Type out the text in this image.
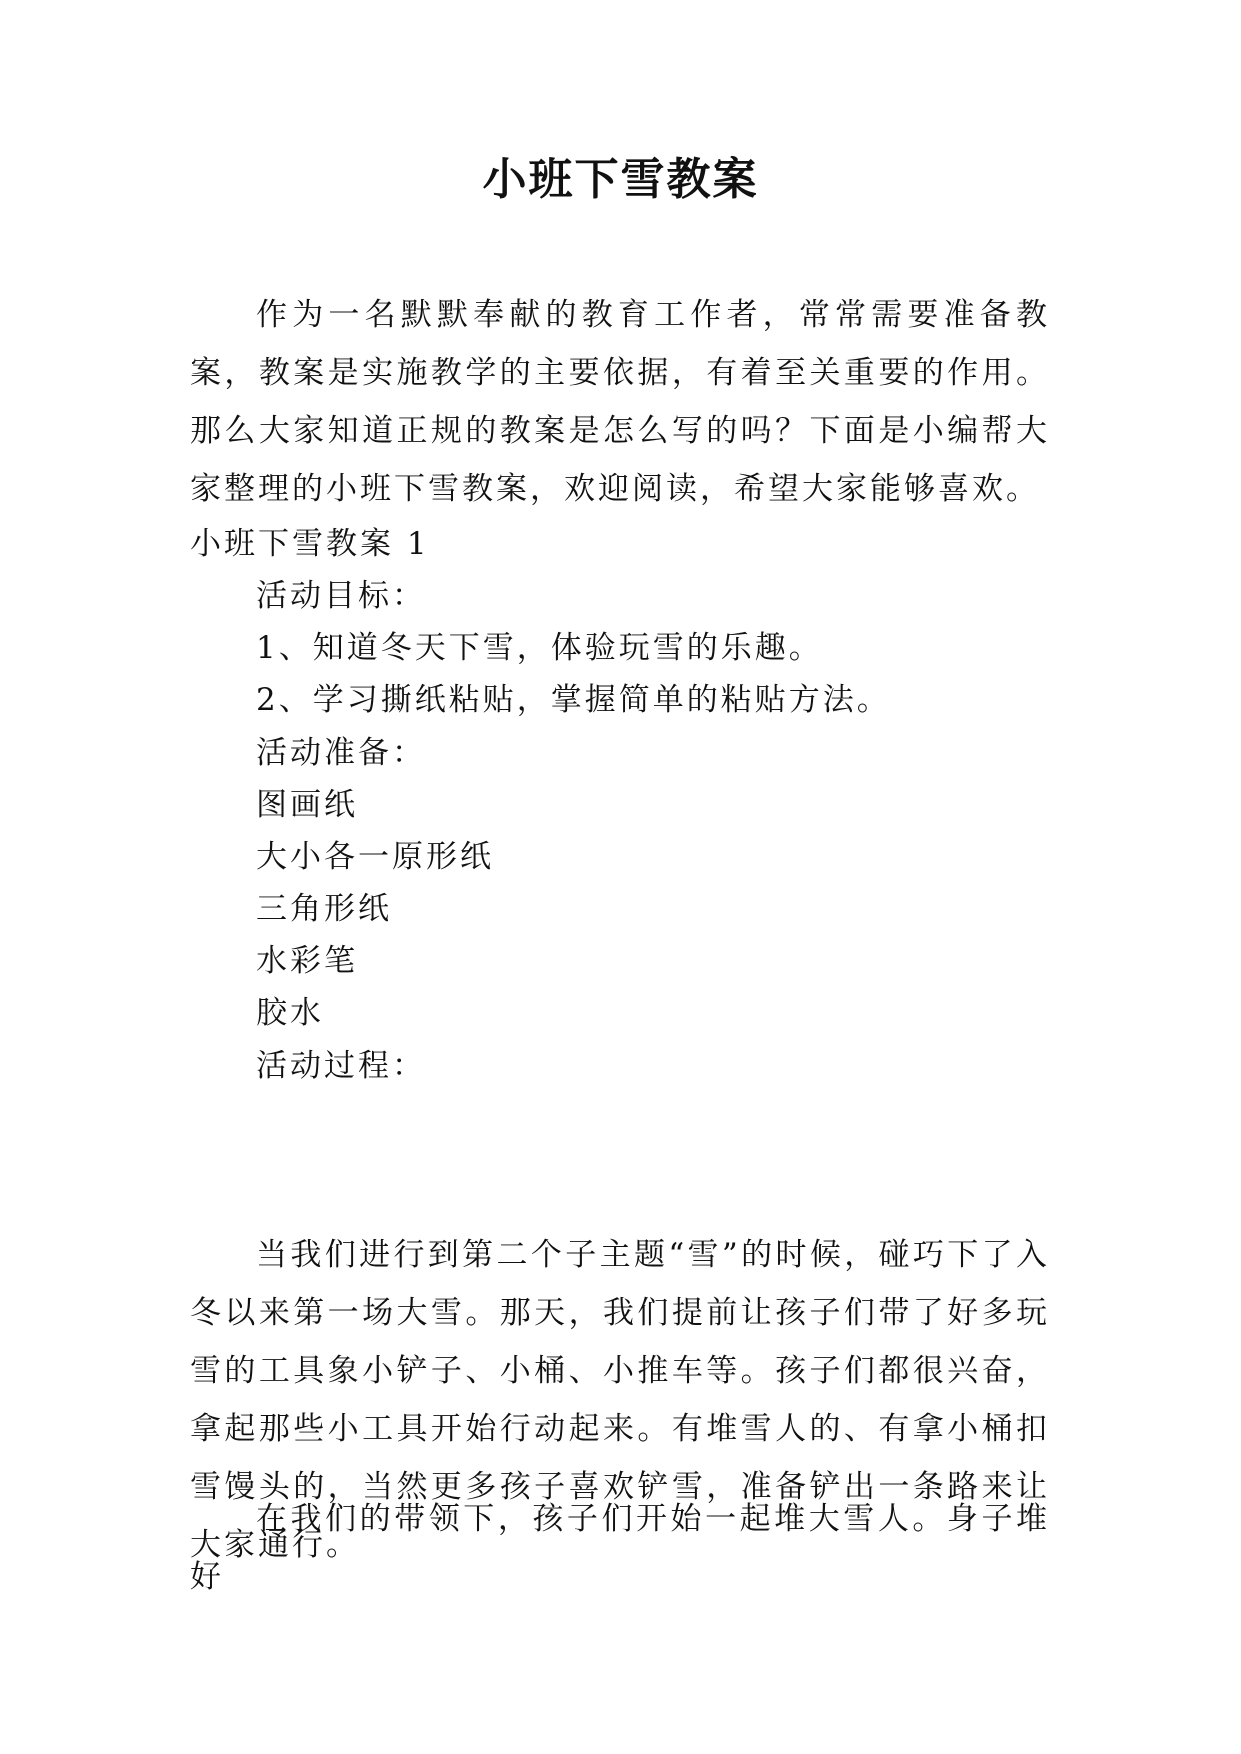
小班下雪教案
作为一名默默奉献的教育工作者，常常需要准备教案，教案是实施教学的主要依据，有着至关重要的作用。那么大家知道正规的教案是怎么写的吗？下面是小编帮大家整理的小班下雪教案，欢迎阅读，希望大家能够喜欢。
小班下雪教案 1
活动目标：
1、知道冬天下雪，体验玩雪的乐趣。
2、学习撕纸粘贴，掌握简单的粘贴方法。
活动准备：
图画纸
大小各一原形纸
三角形纸
水彩笔
胶水
活动过程：
当我们进行到第二个子主题“雪”的时候，碰巧下了入冬以来第一场大雪。那天，我们提前让孩子们带了好多玩雪的工具象小铲子、小桶、小推车等。孩子们都很兴奋，拿起那些小工具开始行动起来。有堆雪人的、有拿小桶扣雪馒头的，当然更多孩子喜欢铲雪，准备铲出一条路来让大家通行。
在我们的带领下，孩子们开始一起堆大雪人。身子堆好
